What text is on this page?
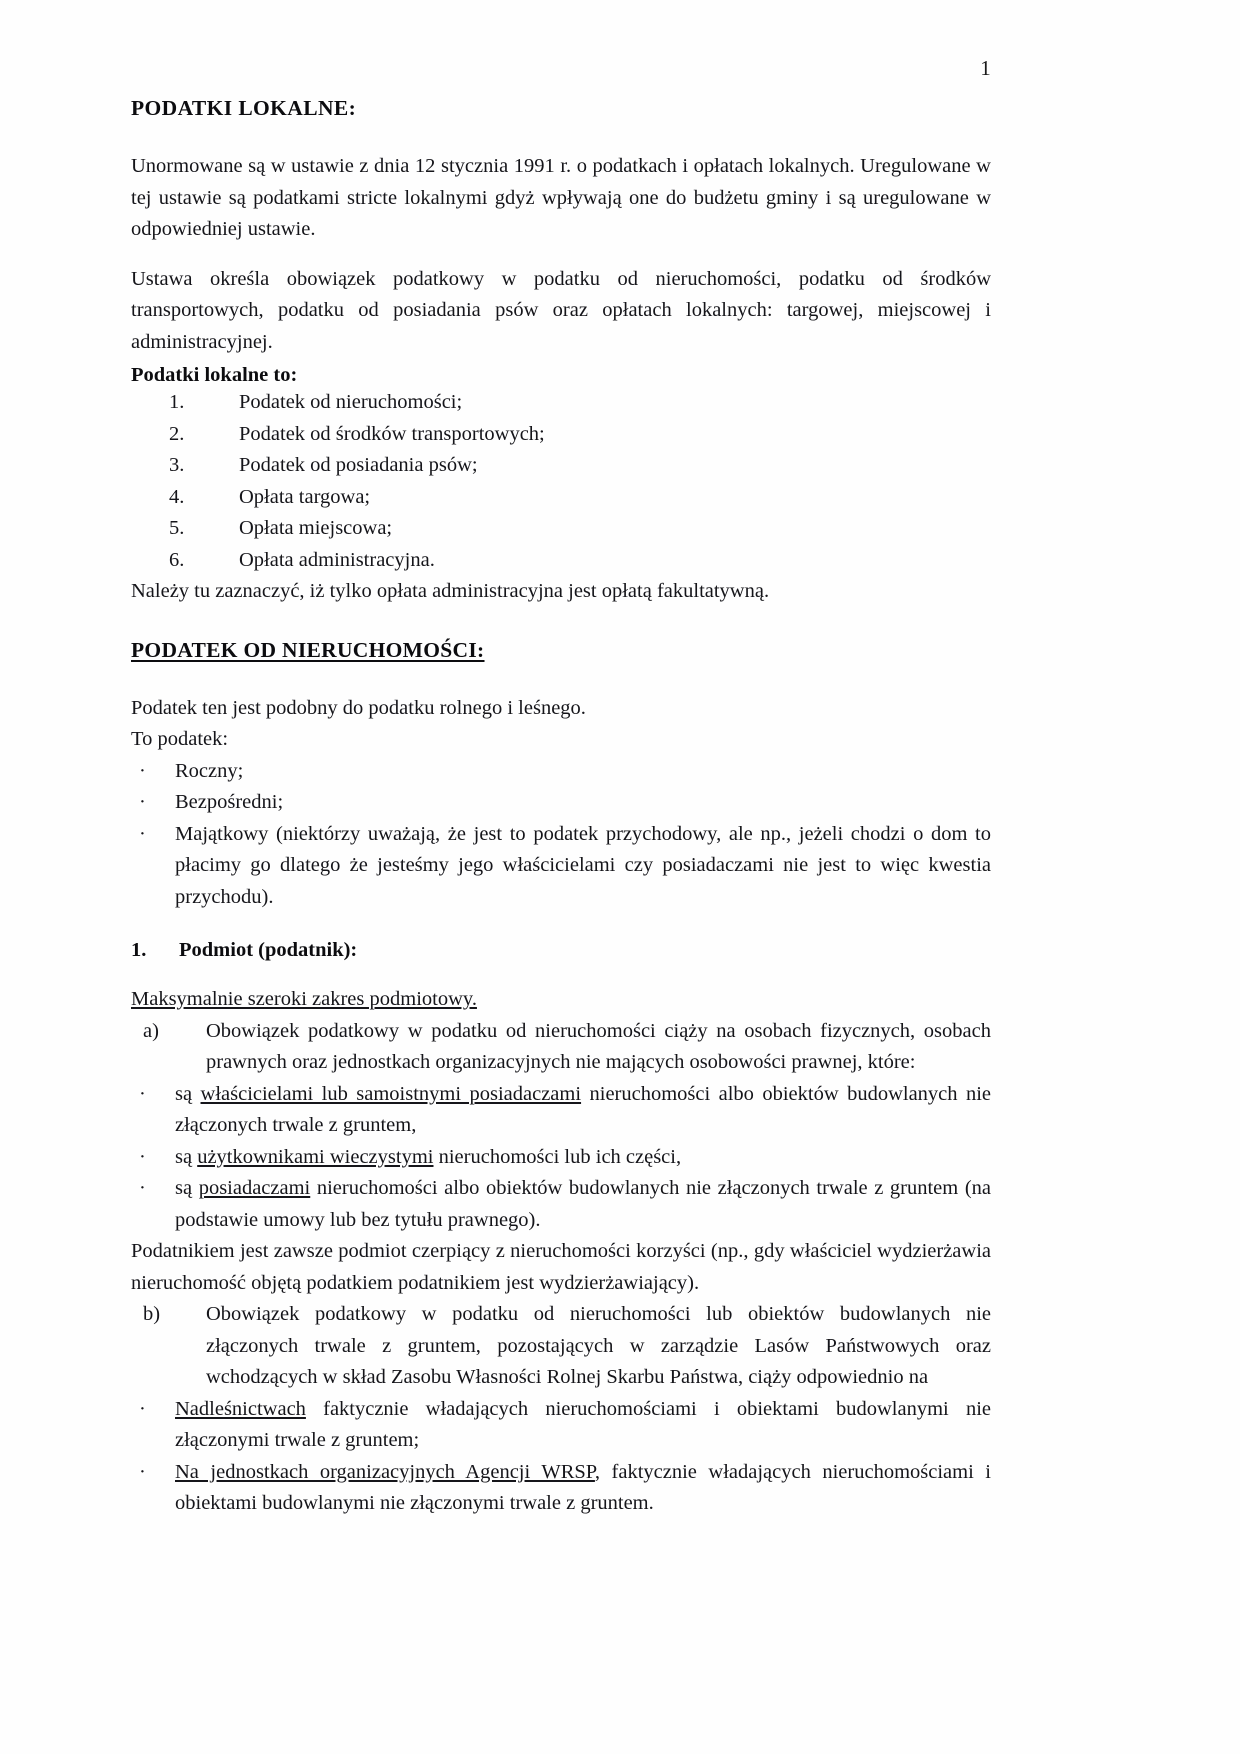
1
PODATKI LOKALNE:

Unormowane są w ustawie z dnia 12 stycznia 1991 r. o podatkach i opłatach lokalnych. Uregulowane w tej ustawie są podatkami stricte lokalnymi gdyż wpływają one do budżetu gminy i są uregulowane w odpowiedniej ustawie.

Ustawa określa obowiązek podatkowy w podatku od nieruchomości, podatku od środków transportowych, podatku od posiadania psów oraz opłatach lokalnych: targowej, miejscowej i administracyjnej.

Podatki lokalne to:
1.	Podatek od nieruchomości;
2.	Podatek od środków transportowych;
3.	Podatek od posiadania psów;
4.	Opłata targowa;
5.	Opłata miejscowa;
6.	Opłata administracyjna.

Należy tu zaznaczyć, iż tylko opłata administracyjna jest opłatą fakultatywną.

PODATEK OD NIERUCHOMOŚCI:

Podatek ten jest podobny do podatku rolnego i leśnego.

To podatek:

· Roczny;
· Bezpośredni;
· Majątkowy (niektórzy uważają, że jest to podatek przychodowy, ale np., jeżeli chodzi o dom to płacimy go dlatego że jesteśmy jego właścicielami czy posiadaczami nie jest to więc kwestia przychodu).
1. Podmiot (podatnik):

Maksymalnie szeroki zakres podmiotowy.

a)	Obowiązek podatkowy w podatku od nieruchomości ciąży na osobach fizycznych, osobach prawnych oraz jednostkach organizacyjnych nie mających osobowości prawnej, które:
· są właścicielami lub samoistnymi posiadaczami nieruchomości albo obiektów budowlanych nie złączonych trwale z gruntem,
· są użytkownikami wieczystymi nieruchomości lub ich części,
· są posiadaczami nieruchomości albo obiektów budowlanych nie złączonych trwale z gruntem (na podstawie umowy lub bez tytułu prawnego).

Podatnikiem jest zawsze podmiot czerpiący z nieruchomości korzyści (np., gdy właściciel wydzierżawia nieruchomość objętą podatkiem podatnikiem jest wydzierżawiający).

b)	Obowiązek podatkowy w podatku od nieruchomości lub obiektów budowlanych nie złączonych trwale z gruntem, pozostających w zarządzie Lasów Państwowych oraz wchodzących w skład Zasobu Własności Rolnej Skarbu Państwa, ciąży odpowiednio na
· Nadleśnictwach faktycznie władających nieruchomościami i obiektami budowlanymi nie złączonymi trwale z gruntem;
· Na jednostkach organizacyjnych Agencji WRSP, faktycznie władających nieruchomościami i obiektami budowlanymi nie złączonymi trwale z gruntem.
